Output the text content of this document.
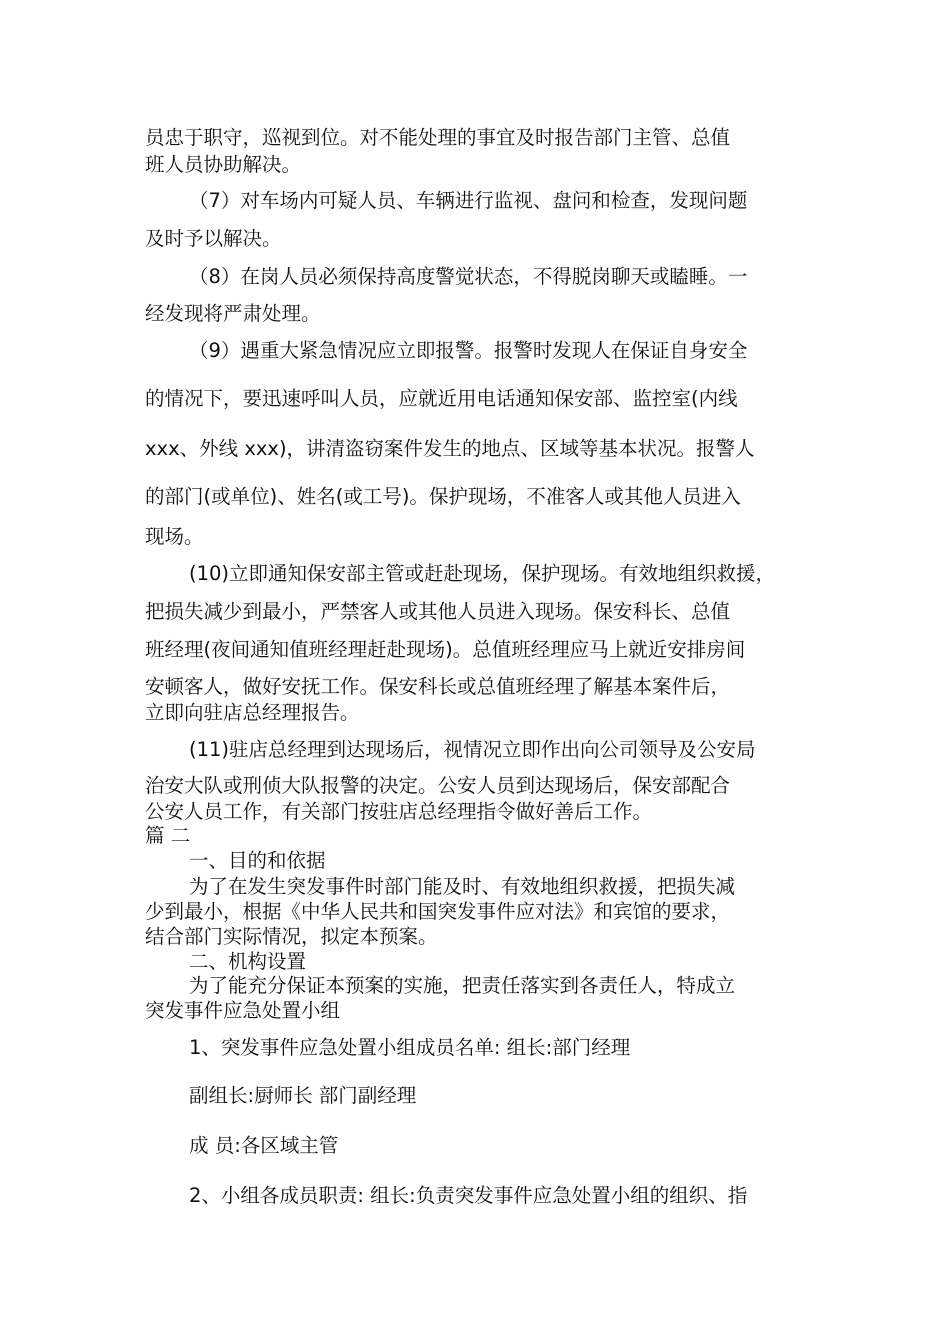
员忠于职守，巡视到位。对不能处理的事宜及时报告部门主管、总值
班人员协助解决。
（7）对车场内可疑人员、车辆进行监视、盘问和检查，发现问题
及时予以解决。
（8）在岗人员必须保持高度警觉状态，不得脱岗聊天或瞌睡。一
经发现将严肃处理。
（9）遇重大紧急情况应立即报警。报警时发现人在保证自身安全
的情况下，要迅速呼叫人员，应就近用电话通知保安部、监控室(内线
xxx、外线 xxx)，讲清盗窃案件发生的地点、区域等基本状况。报警人
的部门(或单位)、姓名(或工号)。保护现场，不准客人或其他人员进入
现场。
(10)立即通知保安部主管或赶赴现场，保护现场。有效地组织救援，
把损失减少到最小，严禁客人或其他人员进入现场。保安科长、总值
班经理(夜间通知值班经理赶赴现场)。总值班经理应马上就近安排房间
安顿客人，做好安抚工作。保安科长或总值班经理了解基本案件后，
立即向驻店总经理报告。
(11)驻店总经理到达现场后，视情况立即作出向公司领导及公安局
治安大队或刑侦大队报警的决定。公安人员到达现场后，保安部配合
公安人员工作，有关部门按驻店总经理指令做好善后工作。
篇 二
一、目的和依据
为了在发生突发事件时部门能及时、有效地组织救援，把损失减
少到最小，根据《中华人民共和国突发事件应对法》和宾馆的要求，
结合部门实际情况，拟定本预案。
二、机构设置
为了能充分保证本预案的实施，把责任落实到各责任人，特成立
突发事件应急处置小组
1、突发事件应急处置小组成员名单: 组长:部门经理
副组长:厨师长 部门副经理
成 员:各区域主管
2、小组各成员职责: 组长:负责突发事件应急处置小组的组织、指
